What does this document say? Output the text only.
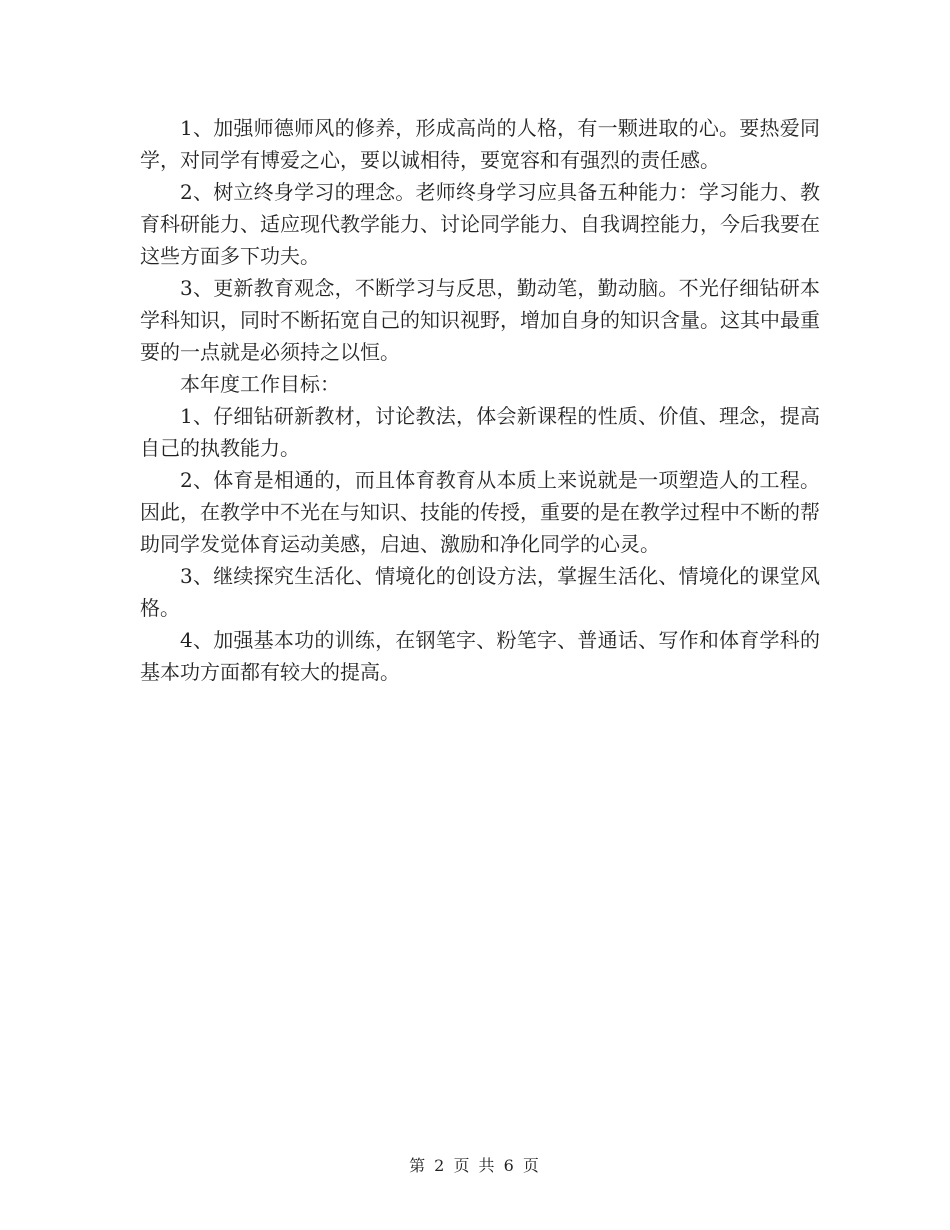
1、加强师德师风的修养，形成高尚的人格，有一颗进取的心。要热爱同学，对同学有博爱之心，要以诚相待，要宽容和有强烈的责任感。

2、树立终身学习的理念。老师终身学习应具备五种能力：学习能力、教育科研能力、适应现代教学能力、讨论同学能力、自我调控能力，今后我要在这些方面多下功夫。

3、更新教育观念，不断学习与反思，勤动笔，勤动脑。不光仔细钻研本学科知识，同时不断拓宽自己的知识视野，增加自身的知识含量。这其中最重要的一点就是必须持之以恒。

本年度工作目标：

1、仔细钻研新教材，讨论教法，体会新课程的性质、价值、理念，提高自己的执教能力。

2、体育是相通的，而且体育教育从本质上来说就是一项塑造人的工程。因此，在教学中不光在与知识、技能的传授，重要的是在教学过程中不断的帮助同学发觉体育运动美感，启迪、激励和净化同学的心灵。

3、继续探究生活化、情境化的创设方法，掌握生活化、情境化的课堂风格。

4、加强基本功的训练，在钢笔字、粉笔字、普通话、写作和体育学科的基本功方面都有较大的提高。

第 2 页 共 6 页
